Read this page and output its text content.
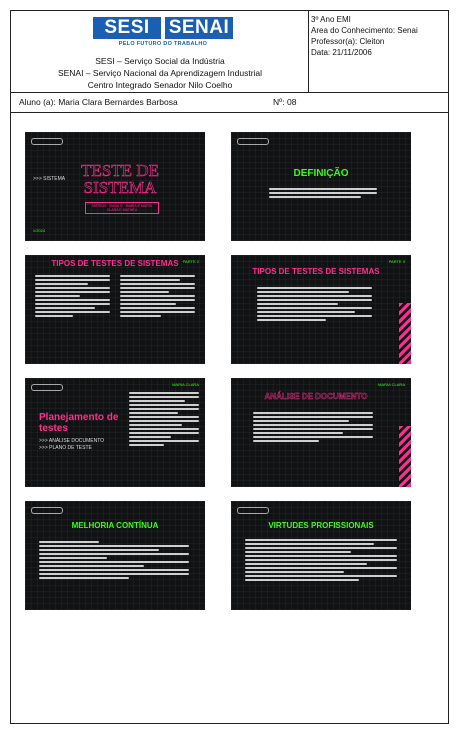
SESI	SENAI
PELO FUTURO DO TRABALHO
SESI – Serviço Social da Indústria
SENAI – Serviço Nacional da Aprendizagem Industrial
Centro Integrado Senador Nilo Coelho
3º Ano EMI
Area do Conhecimento: Senai
Professor(a): Cleiton
Data: 21/11/2006
Aluno (a): Maria Clara Bernardes Barbosa	Nº: 08
>>> SISTEMA TESTE DE SISTEMA
MATEUS · DANILO · MARIA E MARIA CLARA E MATHEU
///2024
DEFINIÇÃO
TIPOS DE TESTES DE SISTEMAS	PARTE 2	PARTE 3
TIPOS DE TESTES DE SISTEMAS
MARIA CLARA
Planejamento de testes
>>> ANÁLISE DOCUMENTO
>>> PLANO DE TESTE
MARIA CLARA
ANÁLISE DE DOCUMENTO
MELHORIA CONTÍNUA	VIRTUDES PROFISSIONAIS
